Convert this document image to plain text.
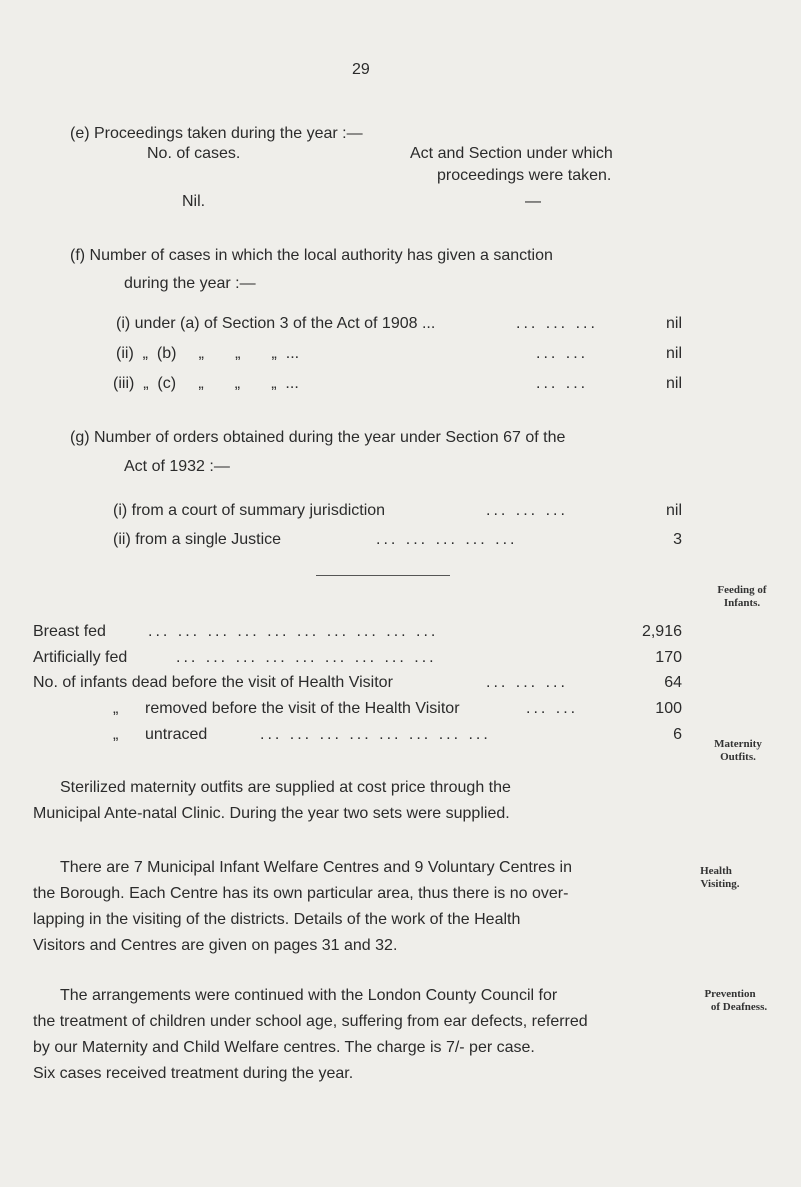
29
(e) Proceedings taken during the year :—
No. of cases.	Act and Section under which
proceedings were taken.
Nil.	—
(f) Number of cases in which the local authority has given a sanction
during the year :—
(i) under (a) of Section 3 of the Act of 1908 ...	... ... ...	nil
(ii)  „  (b)     „       „       „  ...	... ...	nil
(iii)  „  (c)     „       „       „  ...	... ...	nil
(g) Number of orders obtained during the year under Section 67 of the
Act of 1932 :—
(i) from a court of summary jurisdiction	... ... ...	nil
(ii) from a single Justice	... ... ... ... ...	3
Feeding of
Infants.
Breast fed	... ... ... ... ... ... ... ... ... ...	2,916
Artificially fed	... ... ... ... ... ... ... ... ...	170
No. of infants dead before the visit of Health Visitor	... ... ...	64
„      removed before the visit of the Health Visitor	... ...	100
„      untraced	... ... ... ... ... ... ... ...	6
Maternity
Outfits.
Sterilized maternity outfits are supplied at cost price through the
Municipal Ante-natal Clinic. During the year two sets were supplied.
Health
Visiting.
There are 7 Municipal Infant Welfare Centres and 9 Voluntary Centres in
the Borough. Each Centre has its own particular area, thus there is no over-
lapping in the visiting of the districts. Details of the work of the Health
Visitors and Centres are given on pages 31 and 32.
Prevention
of Deafness.
The arrangements were continued with the London County Council for
the treatment of children under school age, suffering from ear defects, referred
by our Maternity and Child Welfare centres. The charge is 7/- per case.
Six cases received treatment during the year.
